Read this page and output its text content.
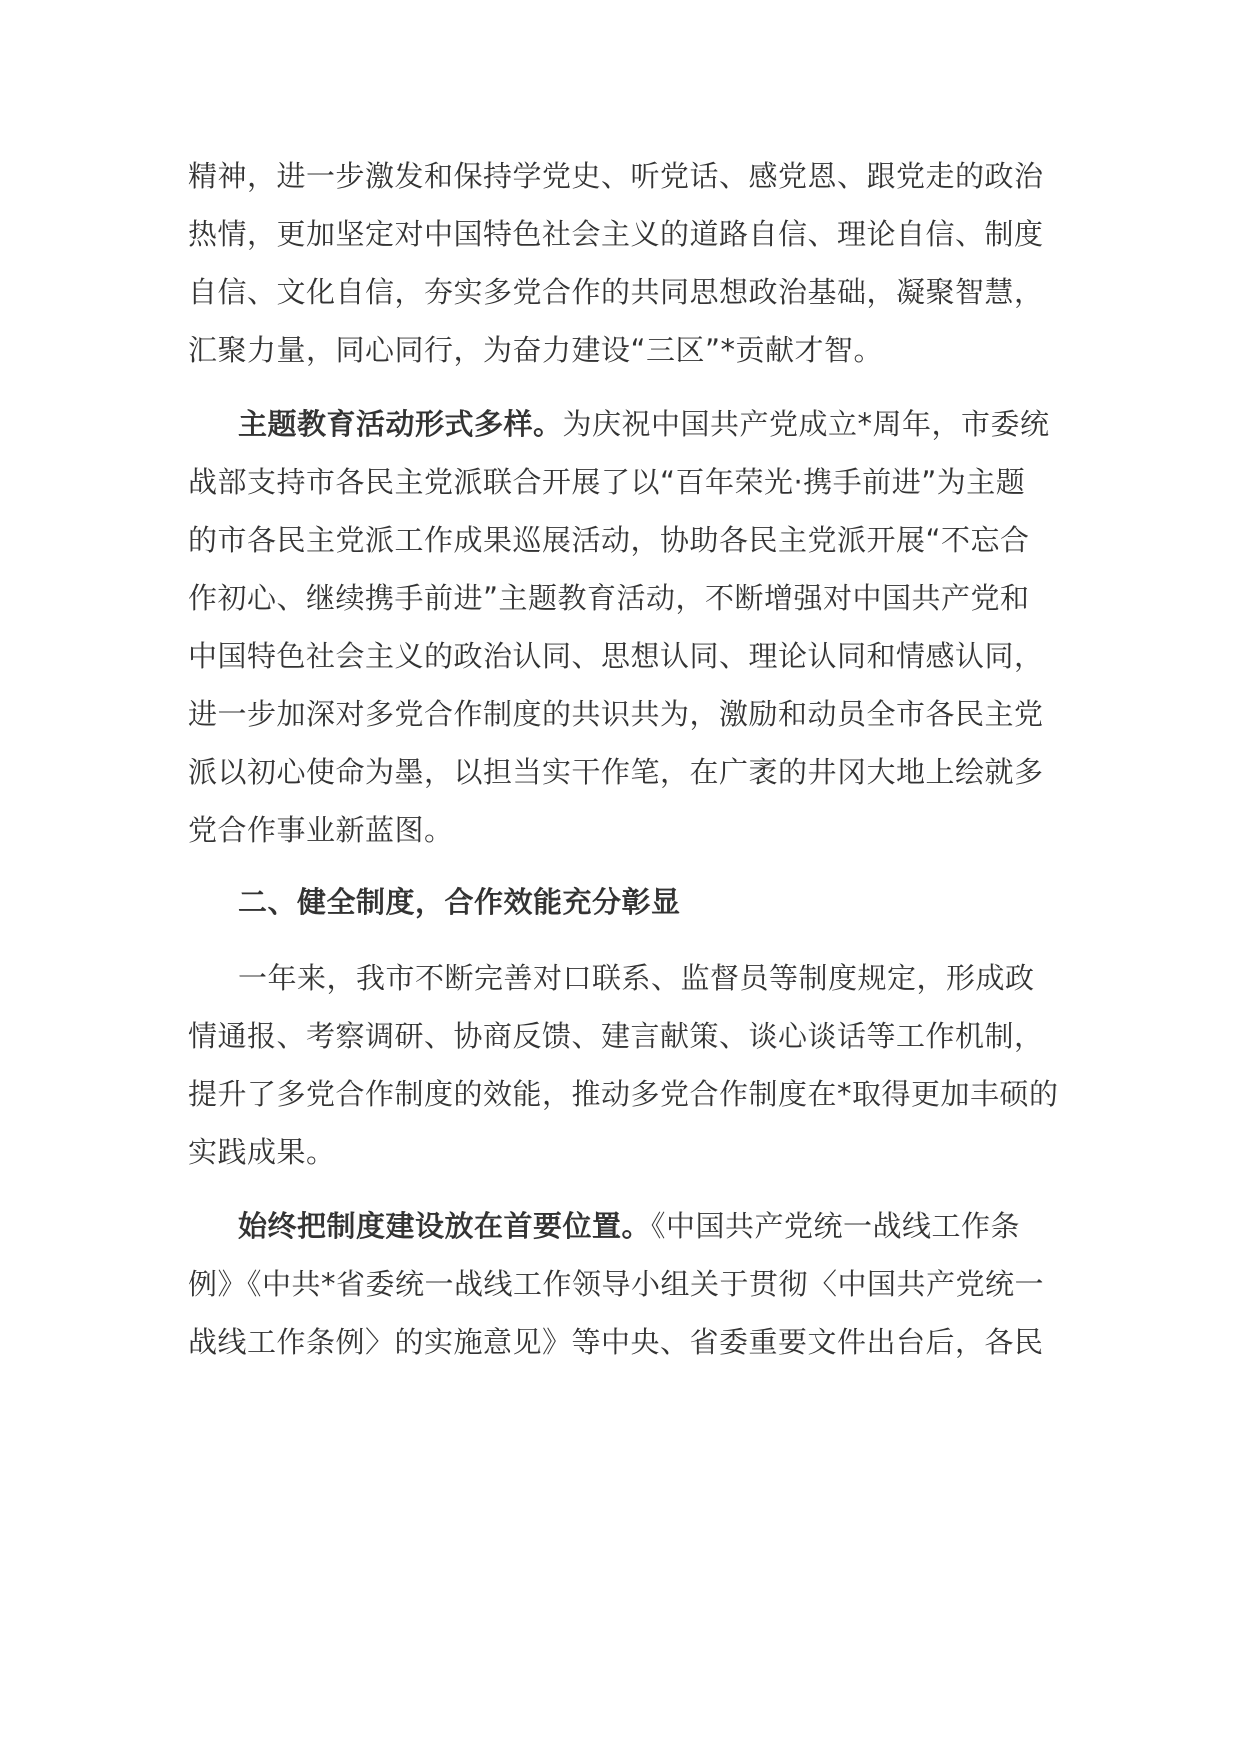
精神，进一步激发和保持学党史、听党话、感党恩、跟党走的政治
热情，更加坚定对中国特色社会主义的道路自信、理论自信、制度
自信、文化自信，夯实多党合作的共同思想政治基础，凝聚智慧，
汇聚力量，同心同行，为奋力建设“三区”*贡献才智。
主题教育活动形式多样。为庆祝中国共产党成立*周年，市委统
战部支持市各民主党派联合开展了以“百年荣光·携手前进”为主题
的市各民主党派工作成果巡展活动，协助各民主党派开展“不忘合
作初心、继续携手前进”主题教育活动，不断增强对中国共产党和
中国特色社会主义的政治认同、思想认同、理论认同和情感认同，
进一步加深对多党合作制度的共识共为，激励和动员全市各民主党
派以初心使命为墨，以担当实干作笔，在广袤的井冈大地上绘就多
党合作事业新蓝图。
二、健全制度，合作效能充分彰显
一年来，我市不断完善对口联系、监督员等制度规定，形成政
情通报、考察调研、协商反馈、建言献策、谈心谈话等工作机制，
提升了多党合作制度的效能，推动多党合作制度在*取得更加丰硕的
实践成果。
始终把制度建设放在首要位置。《中国共产党统一战线工作条
例》《中共*省委统一战线工作领导小组关于贯彻〈中国共产党统一
战线工作条例〉的实施意见》等中央、省委重要文件出台后，各民
